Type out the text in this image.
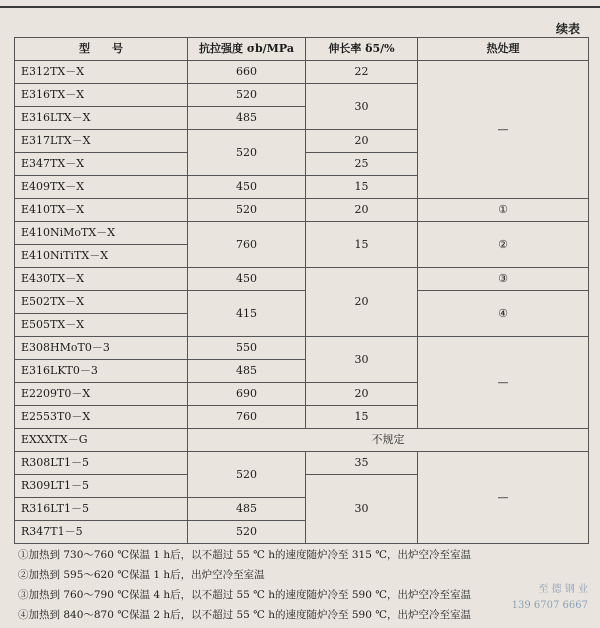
续表
型　　号	抗拉强度 σb/MPa	伸长率 δ5/%	热处理
E312TX－X	660	22	—
E316TX－X	520	30	
E316LTX－X	485		
E317LTX－X	520	20	
E347TX－X		25	
E409TX－X	450	15	
E410TX－X	520	20	①
E410NiMoTX－X	760	15	②
E410NiTiTX－X			
E430TX－X	450	20	③
E502TX－X	415		④
E505TX－X			
E308HMoT0－3	550	30	—
E316LKT0－3	485		
E2209T0－X	690	20	
E2553T0－X	760	15	
EXXXTX－G	不规定		
R308LT1－5	520	35	—
R309LT1－5		30	
R316LT1－5	485		
R347T1－5	520		
①加热到 730～760 ℃保温 1 h后，以不超过 55 ℃ h的速度随炉冷至 315 ℃，出炉空冷至室温
②加热到 595～620 ℃保温 1 h后，出炉空冷至室温
③加热到 760～790 ℃保温 4 h后，以不超过 55 ℃ h的速度随炉冷至 590 ℃，出炉空冷至室温
④加热到 840～870 ℃保温 2 h后，以不超过 55 ℃ h的速度随炉冷至 590 ℃，出炉空冷至室温
至 德 钢 业
139 6707 6667
